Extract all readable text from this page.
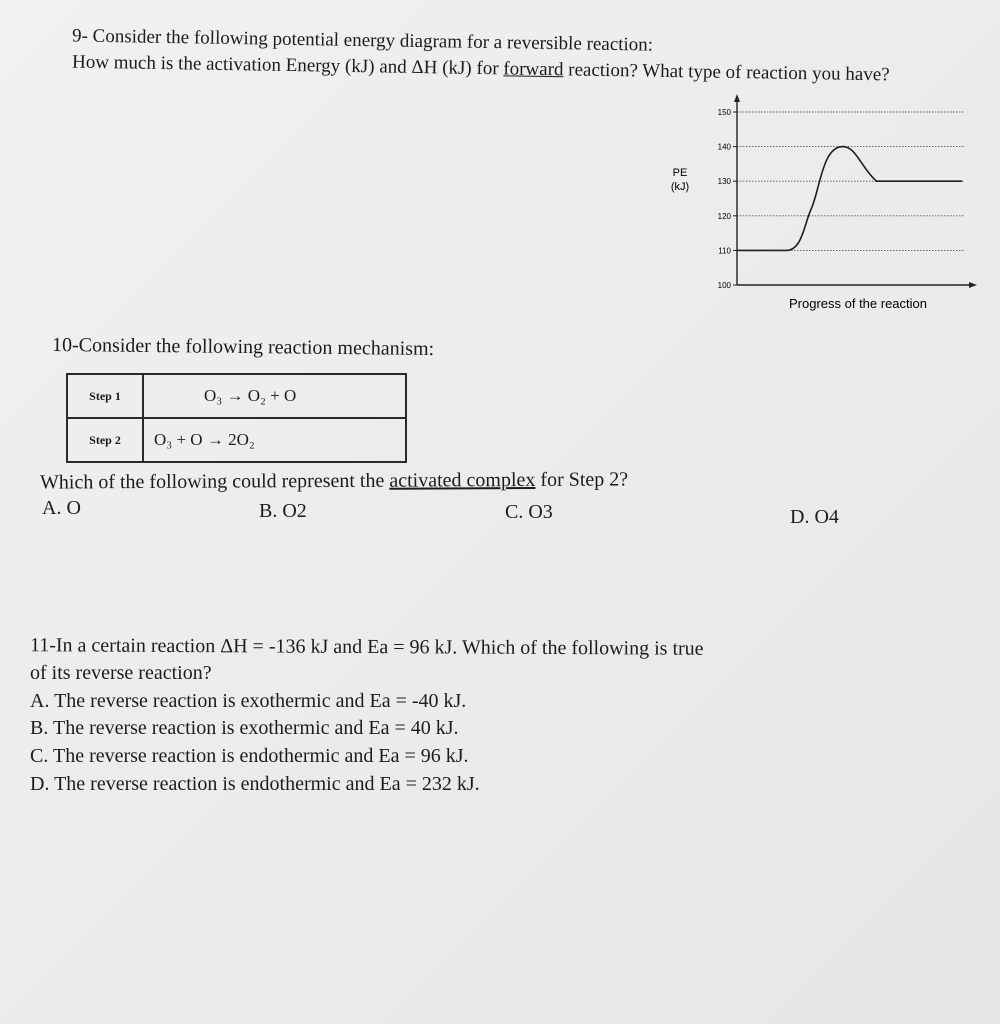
9- Consider the following potential energy diagram for a reversible reaction:
How much is the activation Energy (kJ) and ΔH (kJ) for forward reaction? What type of reaction you have?
100
110
120
130
140
150
PE
(kJ)
Progress of the reaction
10-Consider the following reaction mechanism:
Step 1	O₃ → O₂ + O
Step 2	O₃ + O → 2O₂
Which of the following could represent the activated complex for Step 2?
A. O	B. O2	C. O3	D. O4
11-In a certain reaction ΔH = -136 kJ and Ea = 96 kJ. Which of the following is true
of its reverse reaction?
A. The reverse reaction is exothermic and Ea = -40 kJ.
B. The reverse reaction is exothermic and Ea = 40 kJ.
C. The reverse reaction is endothermic and Ea = 96 kJ.
D. The reverse reaction is endothermic and Ea = 232 kJ.
